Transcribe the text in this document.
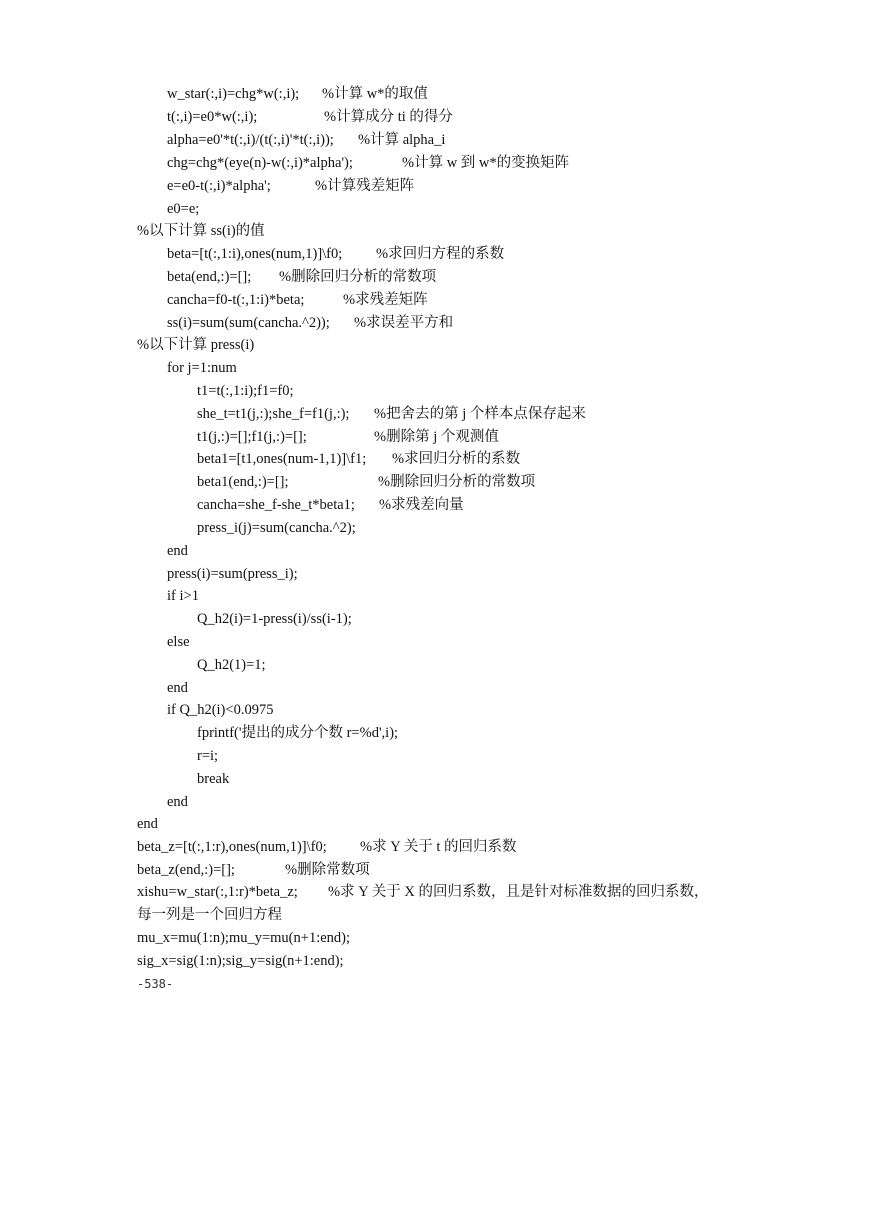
w_star(:,i)=chg*w(:,i); %计算 w*的取值
t(:,i)=e0*w(:,i);	%计算成分 ti 的得分
alpha=e0'*t(:,i)/(t(:,i)'*t(:,i)); %计算 alpha_i
chg=chg*(eye(n)-w(:,i)*alpha');	%计算 w 到 w*的变换矩阵
e=e0-t(:,i)*alpha';	%计算残差矩阵
e0=e;
%以下计算 ss(i)的值
beta=[t(:,1:i),ones(num,1)]\f0; %求回归方程的系数
beta(end,:)=[]; %删除回归分析的常数项
cancha=f0-t(:,1:i)*beta;	%求残差矩阵
ss(i)=sum(sum(cancha.^2)); %求误差平方和
%以下计算 press(i)
for j=1:num
t1=t(:,1:i);f1=f0;
she_t=t1(j,:);she_f=f1(j,:); %把舍去的第 j 个样本点保存起来
t1(j,:)=[];f1(j,:)=[];	%删除第 j 个观测值
beta1=[t1,ones(num-1,1)]\f1; %求回归分析的系数
beta1(end,:)=[];	%删除回归分析的常数项
cancha=she_f-she_t*beta1; %求残差向量
press_i(j)=sum(cancha.^2);
end
press(i)=sum(press_i);
if i>1
Q_h2(i)=1-press(i)/ss(i-1);
else
Q_h2(1)=1;
end
if Q_h2(i)<0.0975
fprintf('提出的成分个数 r=%d',i);
r=i;
break
end
end
beta_z=[t(:,1:r),ones(num,1)]\f0; %求 Y 关于 t 的回归系数
beta_z(end,:)=[];	%删除常数项
xishu=w_star(:,1:r)*beta_z; %求 Y 关于 X 的回归系数，且是针对标准数据的回归系数，
每一列是一个回归方程
mu_x=mu(1:n);mu_y=mu(n+1:end);
sig_x=sig(1:n);sig_y=sig(n+1:end);
-538-
